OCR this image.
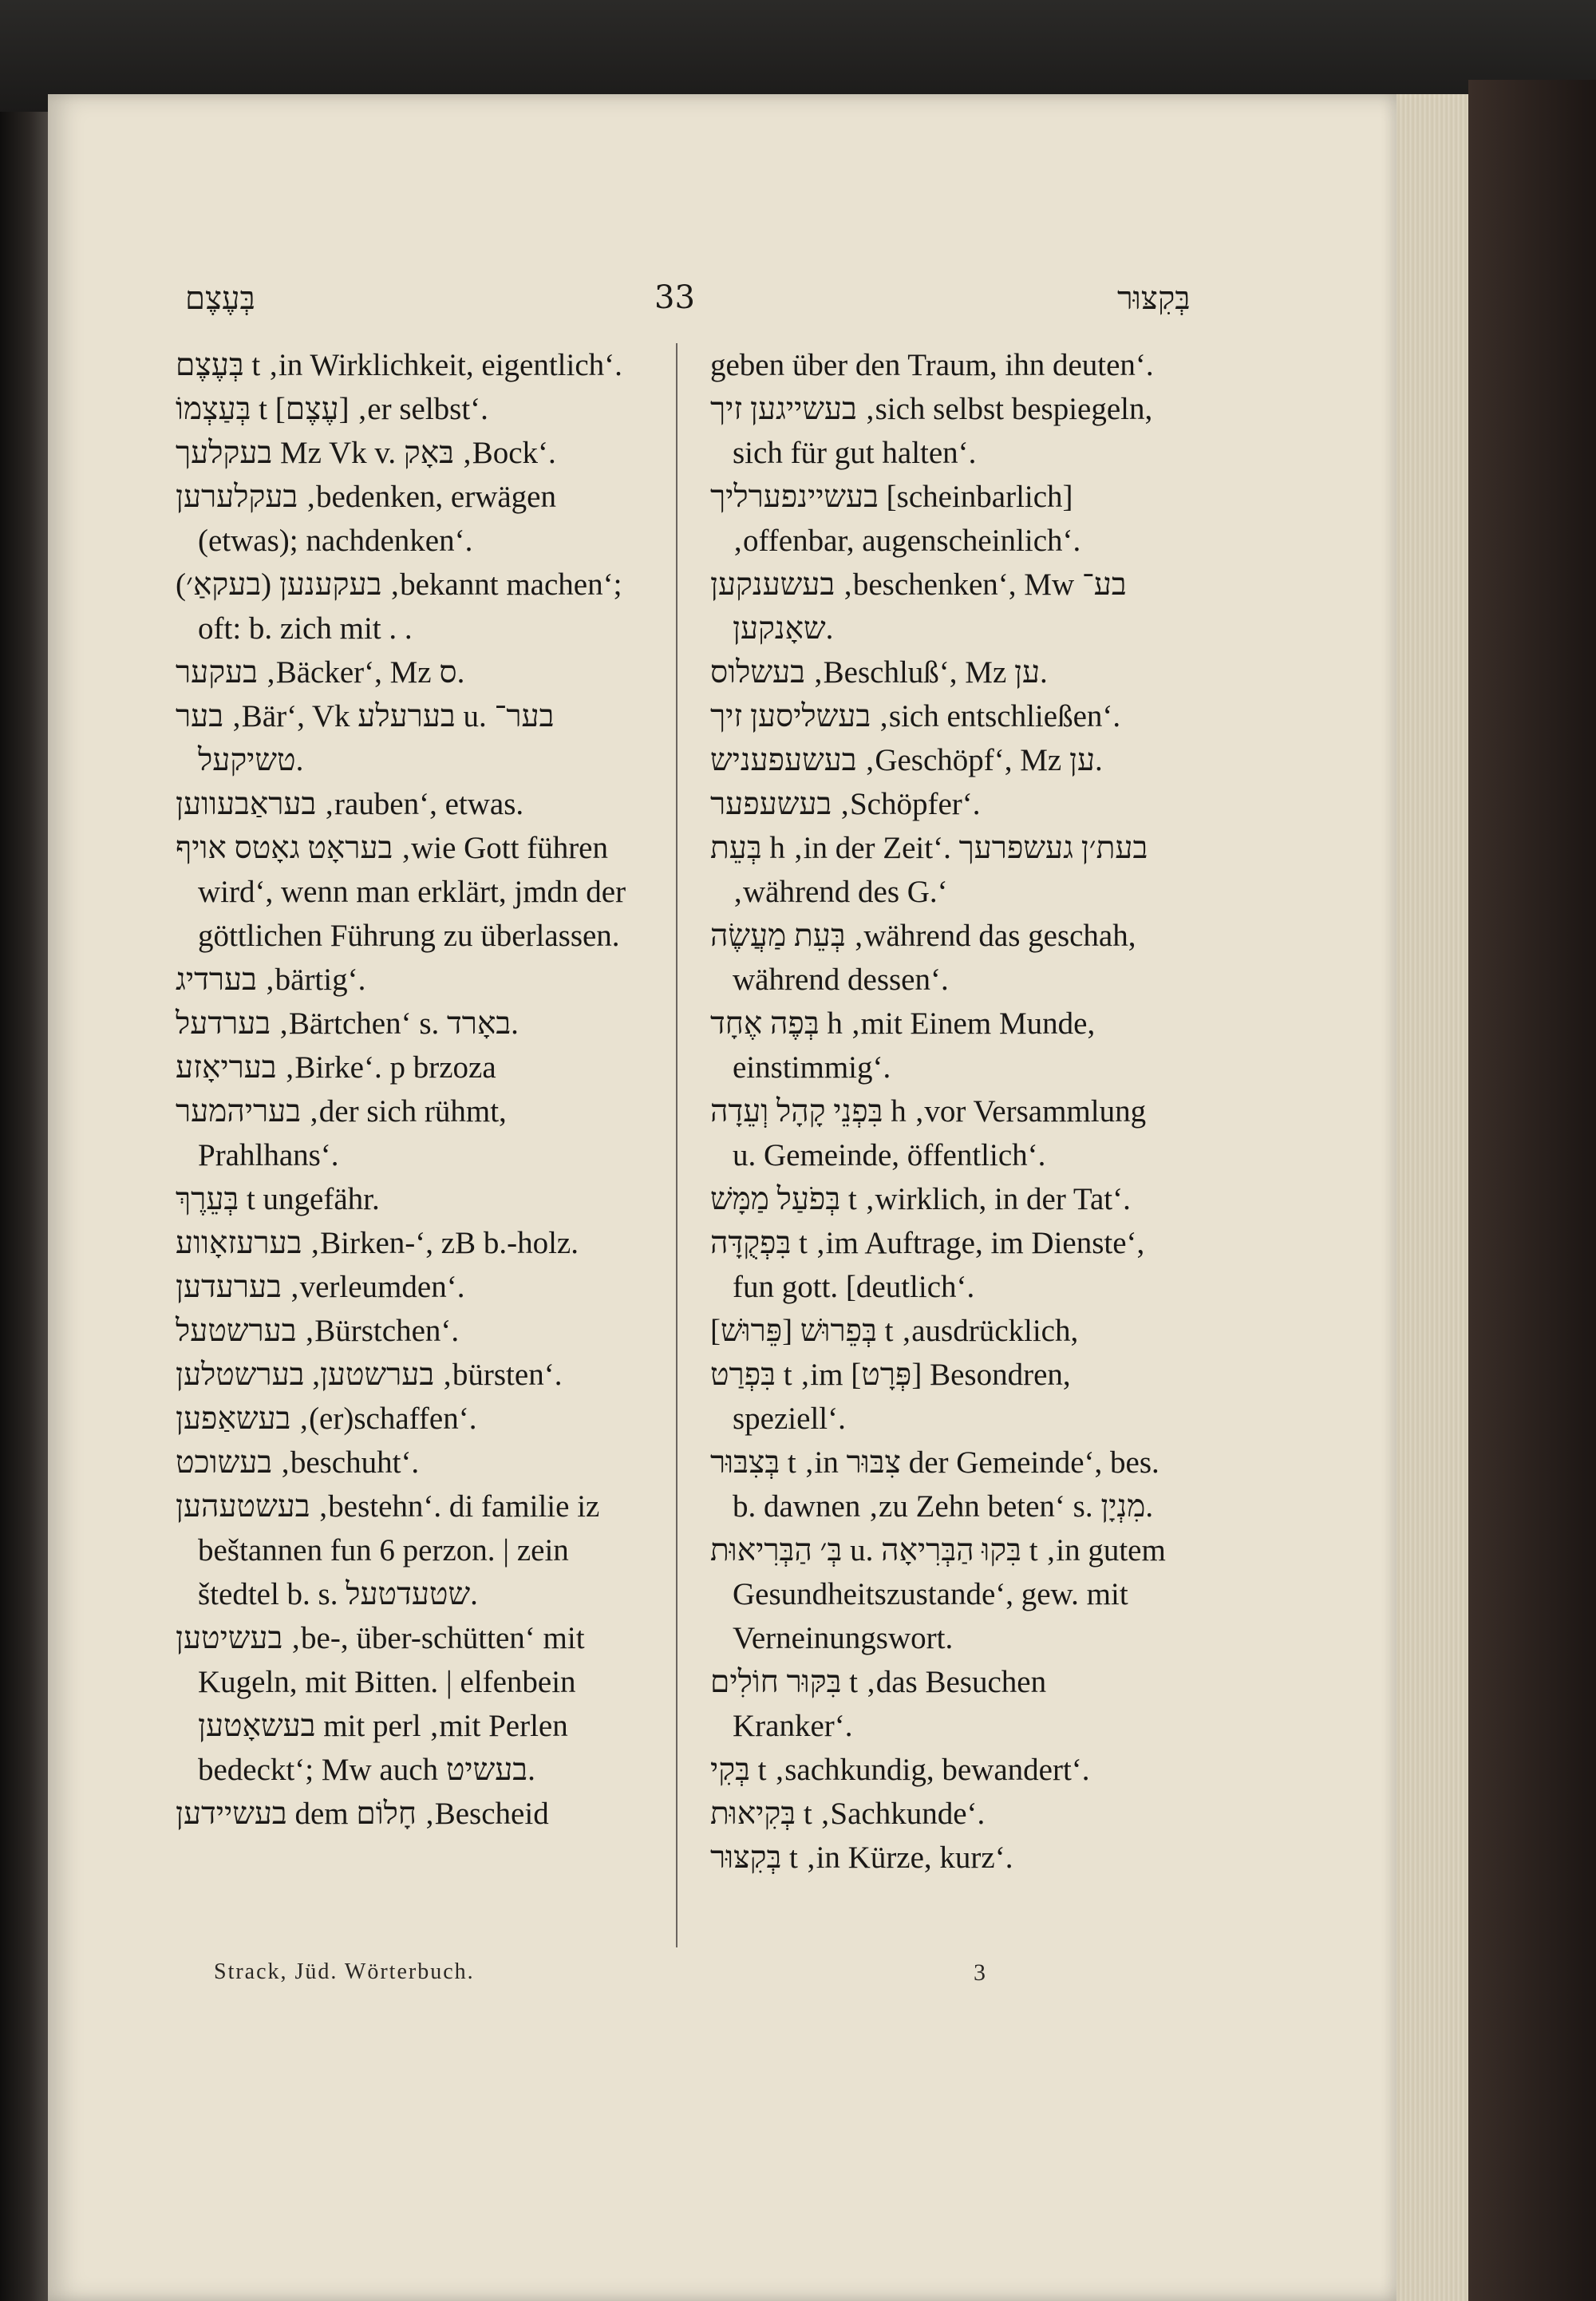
בְּעֶצֶם	33	בְּקִצּוּר
בְּעֶצֶם t ‚in Wirklichkeit, eigentlich‘.
בְּעַצְמוֹ t [עֶצֶם] ‚er selbst‘.
בעקלעך Mz Vk v. בּאָק ‚Bock‘.
בעקלערען ‚bedenken, erwägen (etwas); nachdenken‘.
בעקענען (בעקאַ׳) ‚bekannt machen‘; oft: b. zich mit . .
בעקער ‚Bäcker‘, Mz ס.
בער ‚Bär‘, Vk בערעלע u. בער־ טשיקעל.
בעראַבעווען ‚rauben‘, etwas.
בעראָט גאָטס אויף ‚wie Gott führen wird‘, wenn man erklärt, jmdn der göttlichen Führung zu überlassen.
בערדיג ‚bärtig‘.
בערדעל ‚Bärtchen‘ s. באָרד.
בעריאָזע ‚Birke‘. p brzoza
בעריהמער ‚der sich rühmt, Prahlhans‘.
בְּעֵרֶךְ t ungefähr.
בערעזאָווע ‚Birken-‘, zB b.-holz.
בערעדען ‚verleumden‘.
בערשטעל ‚Bürstchen‘.
בערשטען, בערשטלען ‚bürsten‘.
בעשאַפען ‚(er)schaffen‘.
בעשוכט ‚beschuht‘.
בעשטעהען ‚bestehn‘. di familie iz beštannen fun 6 perzon. | zein štedtel b. s. שטעדטעל.
בעשיטען ‚be-, über-schütten‘ mit Kugeln, mit Bitten. | elfenbein בעשאָטען mit perl ‚mit Perlen bedeckt‘; Mw auch בעשיט.
בעשיידען dem חָלוֹם ‚Bescheid
geben über den Traum, ihn deuten‘.
בעשייגען זיך ‚sich selbst bespiegeln, sich für gut halten‘.
בעשיינפערליך [scheinbarlich] ‚offenbar, augenscheinlich‘.
בעשענקען ‚beschenken‘, Mw בע־ שאָנקען.
בעשלוס ‚Beschluß‘, Mz ען.
בעשליסען זיך ‚sich entschließen‘.
בעשעפעניש ‚Geschöpf‘, Mz ען.
בעשעפער ‚Schöpfer‘.
בְּעֵת h ‚in der Zeit‘. בעת׳ן געשפרעך ‚während des G.‘
בְּעֵת מַעֲשֶׂה ‚während das geschah, während dessen‘.
בְּפֶה אֶחָד h ‚mit Einem Munde, einstimmig‘.
בִּפְנֵי קָהָל וְעֵדָה h ‚vor Versammlung u. Gemeinde, öffentlich‘.
בְּפֹעַל מַמָּשׁ t ‚wirklich, in der Tat‘.
בִּפְקֻדָּה t ‚im Auftrage, im Dienste‘, fun gott. [deutlich‘.
בְּפֵרוּשׁ [פֵּרוּשׁ] t ‚ausdrücklich,
בִּפְרַט t ‚im [פְּרָט] Besondren, speziell‘.
בְּצִבּוּר t ‚in צִבּוּר der Gemeinde‘, bes. b. dawnen ‚zu Zehn beten‘ s. מִנְיָן.
בְּ׳ הַבְּרִיאוּת u. בִּקוּ הַבְּרִיאָה t ‚in gutem Gesundheitszustande‘, gew. mit Verneinungswort.
בִּקּוּר חוֹלִים t ‚das Besuchen Kranker‘.
בְּקִי t ‚sachkundig, bewandert‘.
בְּקִיאוּת t ‚Sachkunde‘.
בְּקִצּוּר t ‚in Kürze, kurz‘.
Strack, Jüd. Wörterbuch.	3
